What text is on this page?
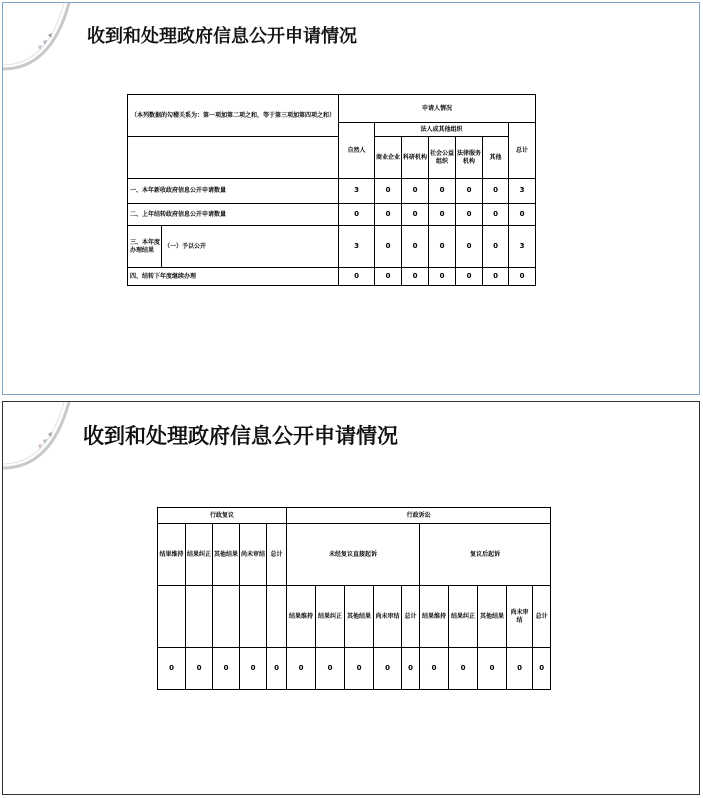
收到和处理政府信息公开申请情况
（本列数据的勾稽关系为：第一项加第二项之和，等于第三项加第四项之和）		申请人情况						
		自然人	法人或其他组织					总计
			商业企业	科研机构	社会公益组织	法律服务机构	其他	
一、本年新收政府信息公开申请数量		3	0	0	0	0	0	3
二、上年结转政府信息公开申请数量		0	0	0	0	0	0	0
三、本年度办理结果	（一）予以公开	3	0	0	0	0	0	3
四、结转下年度继续办理		0	0	0	0	0	0	0
收到和处理政府信息公开申请情况
行政复议					行政诉讼									
结果维持	结果纠正	其他结果	尚未审结	总计	未经复议直接起诉					复议后起诉				
					结果维持	结果纠正	其他结果	尚未审结	总计	结果维持	结果纠正	其他结果	尚未审结	总计
0	0	0	0	0	0	0	0	0	0	0	0	0	0	0
